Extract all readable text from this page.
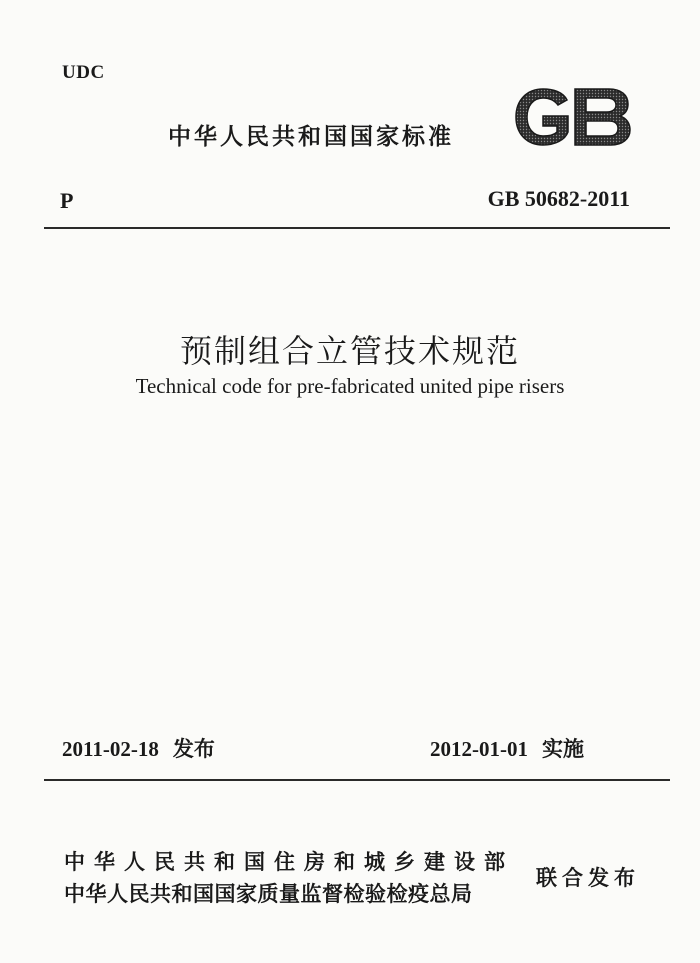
UDC
中华人民共和国国家标准
P	GB 50682-2011
预制组合立管技术规范
Technical code for pre-fabricated united pipe risers
2011-02-18 发布	2012-01-01 实施
中华人民共和国住房和城乡建设部
中华人民共和国国家质量监督检验检疫总局
联合发布
